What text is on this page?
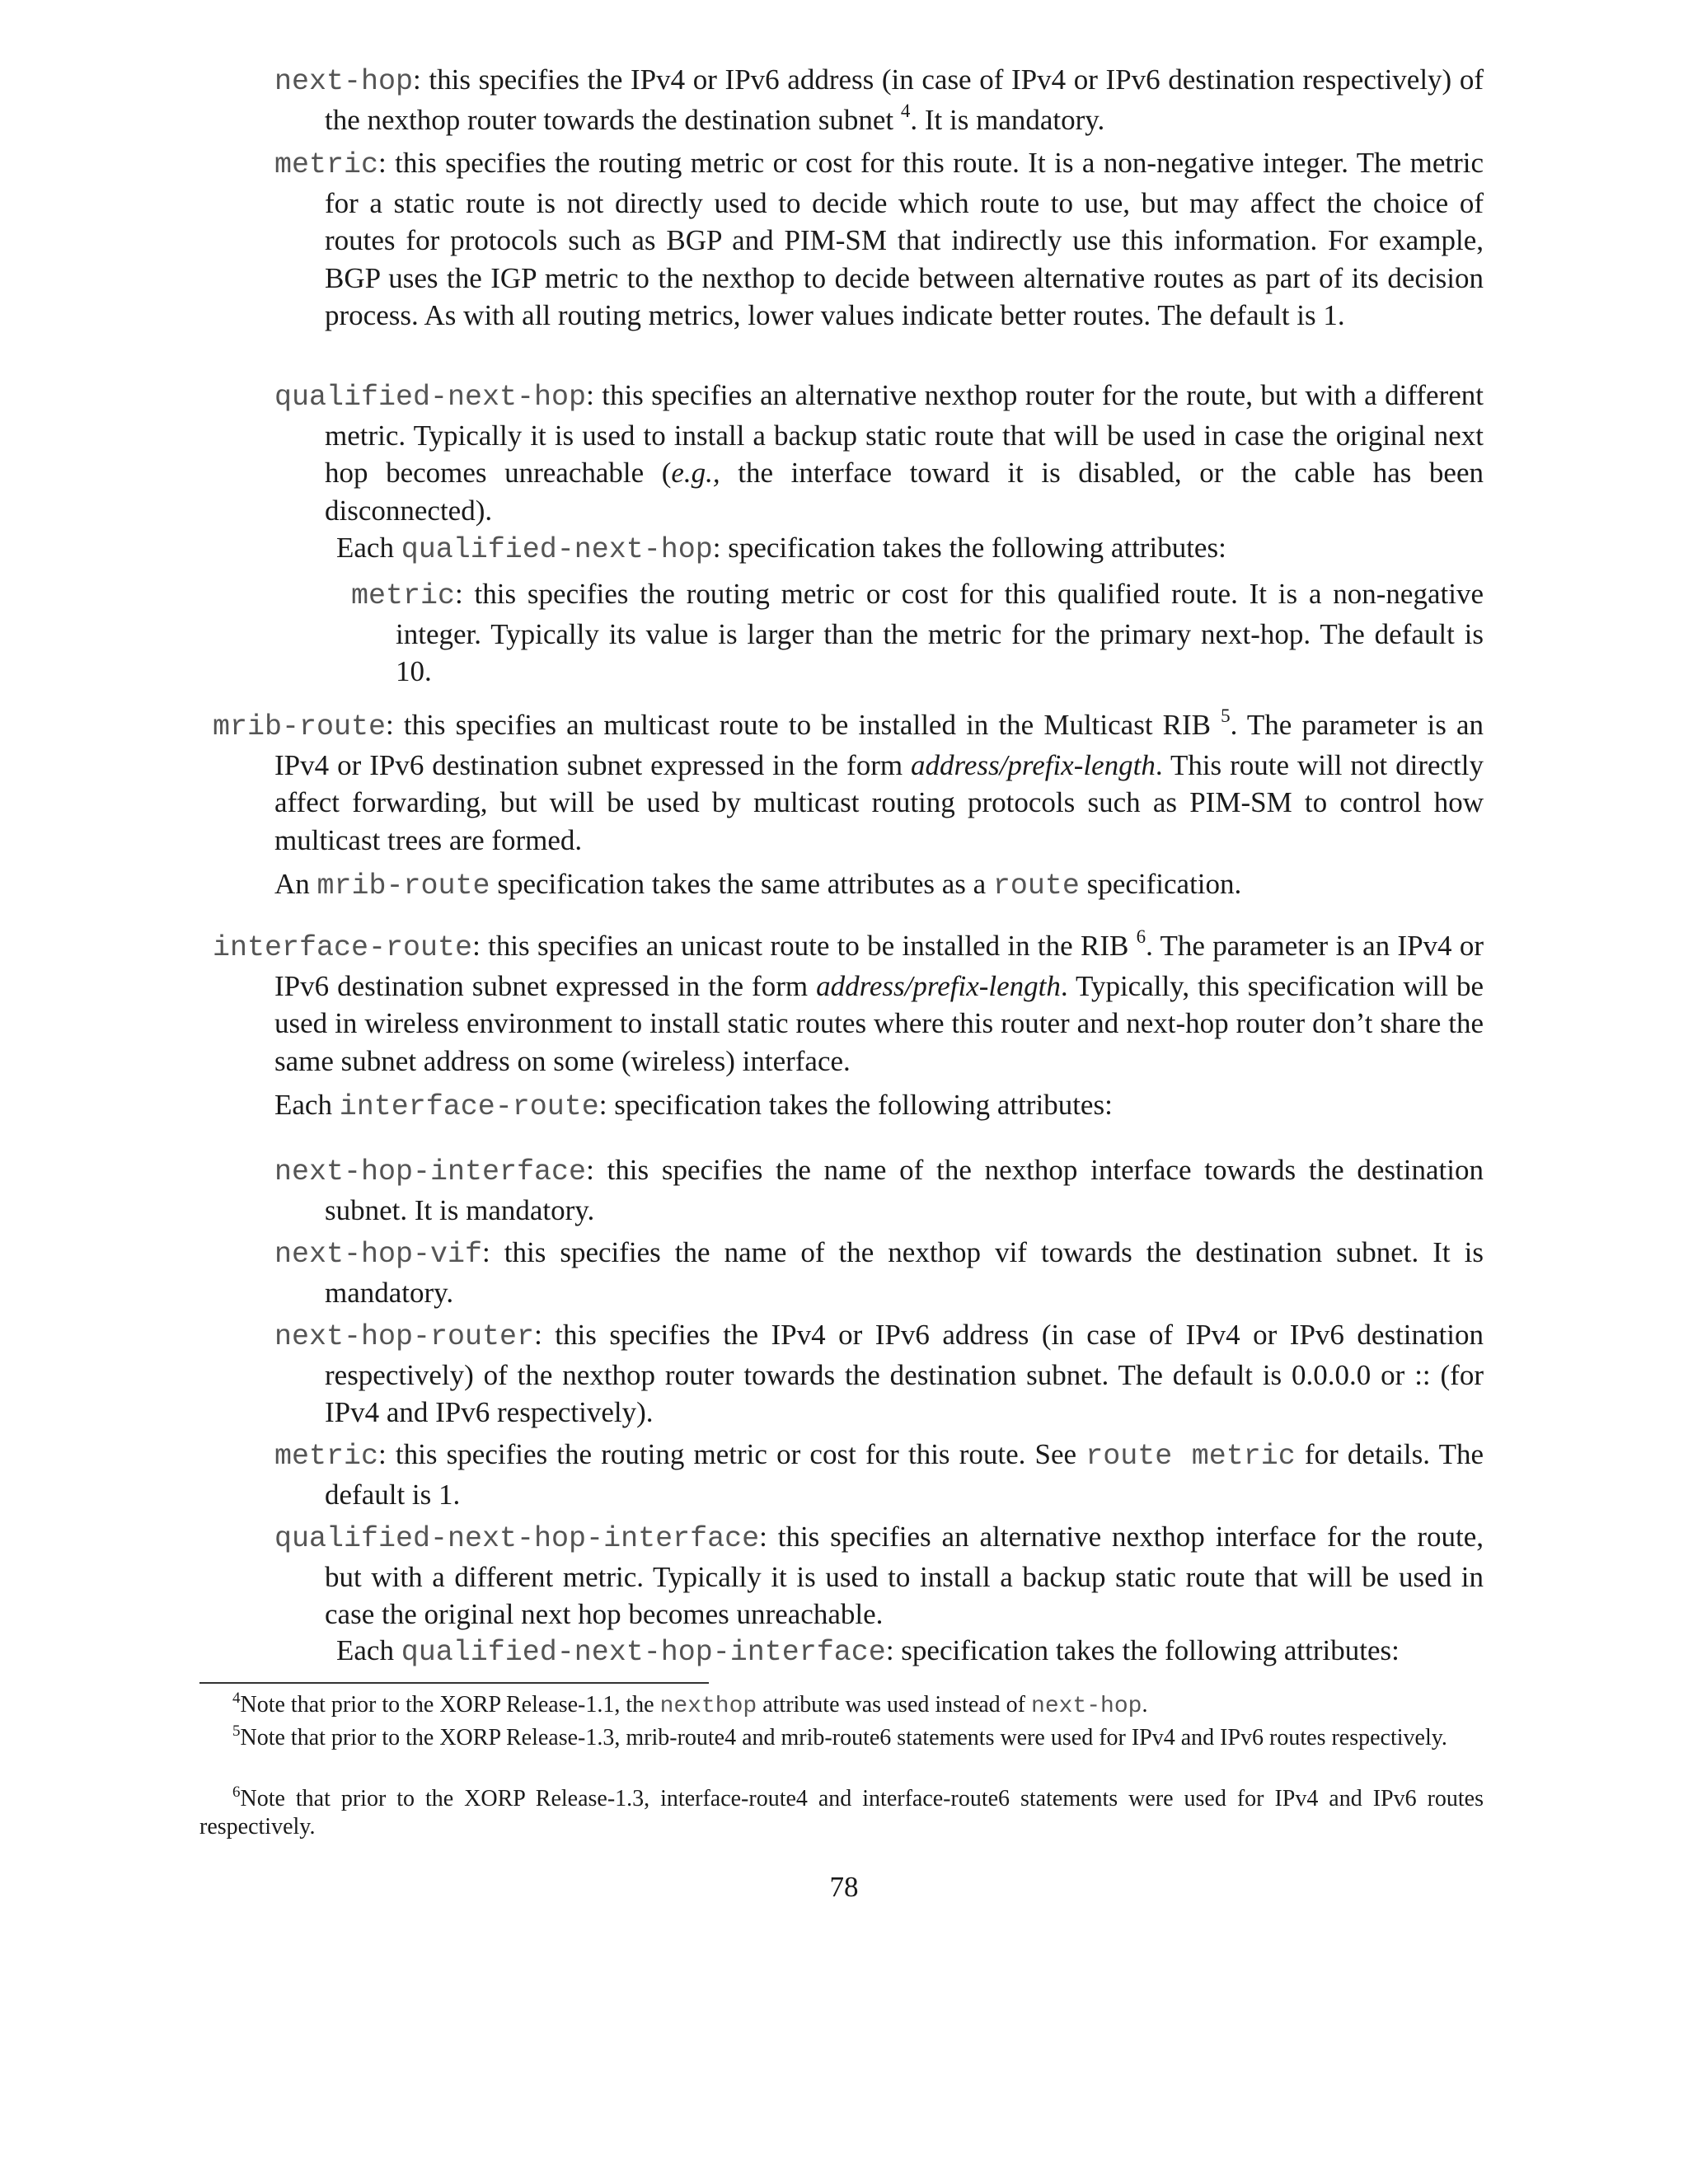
next-hop: this specifies the IPv4 or IPv6 address (in case of IPv4 or IPv6 destination respectively) of the nexthop router towards the destination subnet $^4$. It is mandatory.

metric: this specifies the routing metric or cost for this route. It is a non-negative integer. The metric for a static route is not directly used to decide which route to use, but may affect the choice of routes for protocols such as BGP and PIM-SM that indirectly use this information. For example, BGP uses the IGP metric to the nexthop to decide between alternative routes as part of its decision process. As with all routing metrics, lower values indicate better routes. The default is 1.

qualified-next-hop: this specifies an alternative nexthop router for the route, but with a different metric. Typically it is used to install a backup static route that will be used in case the original next hop becomes unreachable (e.g., the interface toward it is disabled, or the cable has been disconnected).

Each qualified-next-hop: specification takes the following attributes:

metric: this specifies the routing metric or cost for this qualified route. It is a non-negative integer. Typically its value is larger than the metric for the primary next-hop. The default is 10.

mrib-route: this specifies an multicast route to be installed in the Multicast RIB $^5$. The parameter is an IPv4 or IPv6 destination subnet expressed in the form address/prefix-length. This route will not directly affect forwarding, but will be used by multicast routing protocols such as PIM-SM to control how multicast trees are formed.

An mrib-route specification takes the same attributes as a route specification.

interface-route: this specifies an unicast route to be installed in the RIB $^6$. The parameter is an IPv4 or IPv6 destination subnet expressed in the form address/prefix-length. Typically, this specification will be used in wireless environment to install static routes where this router and next-hop router don’t share the same subnet address on some (wireless) interface.

Each interface-route: specification takes the following attributes:

next-hop-interface: this specifies the name of the nexthop interface towards the destination subnet. It is mandatory.

next-hop-vif: this specifies the name of the nexthop vif towards the destination subnet. It is mandatory.

next-hop-router: this specifies the IPv4 or IPv6 address (in case of IPv4 or IPv6 destination respectively) of the nexthop router towards the destination subnet. The default is 0.0.0.0 or :: (for IPv4 and IPv6 respectively).

metric: this specifies the routing metric or cost for this route. See route metric for details. The default is 1.

qualified-next-hop-interface: this specifies an alternative nexthop interface for the route, but with a different metric. Typically it is used to install a backup static route that will be used in case the original next hop becomes unreachable.

Each qualified-next-hop-interface: specification takes the following attributes:

$^4$Note that prior to the XORP Release-1.1, the nexthop attribute was used instead of next-hop.

$^5$Note that prior to the XORP Release-1.3, mrib-route4 and mrib-route6 statements were used for IPv4 and IPv6 routes respectively.

$^6$Note that prior to the XORP Release-1.3, interface-route4 and interface-route6 statements were used for IPv4 and IPv6 routes respectively.

78
